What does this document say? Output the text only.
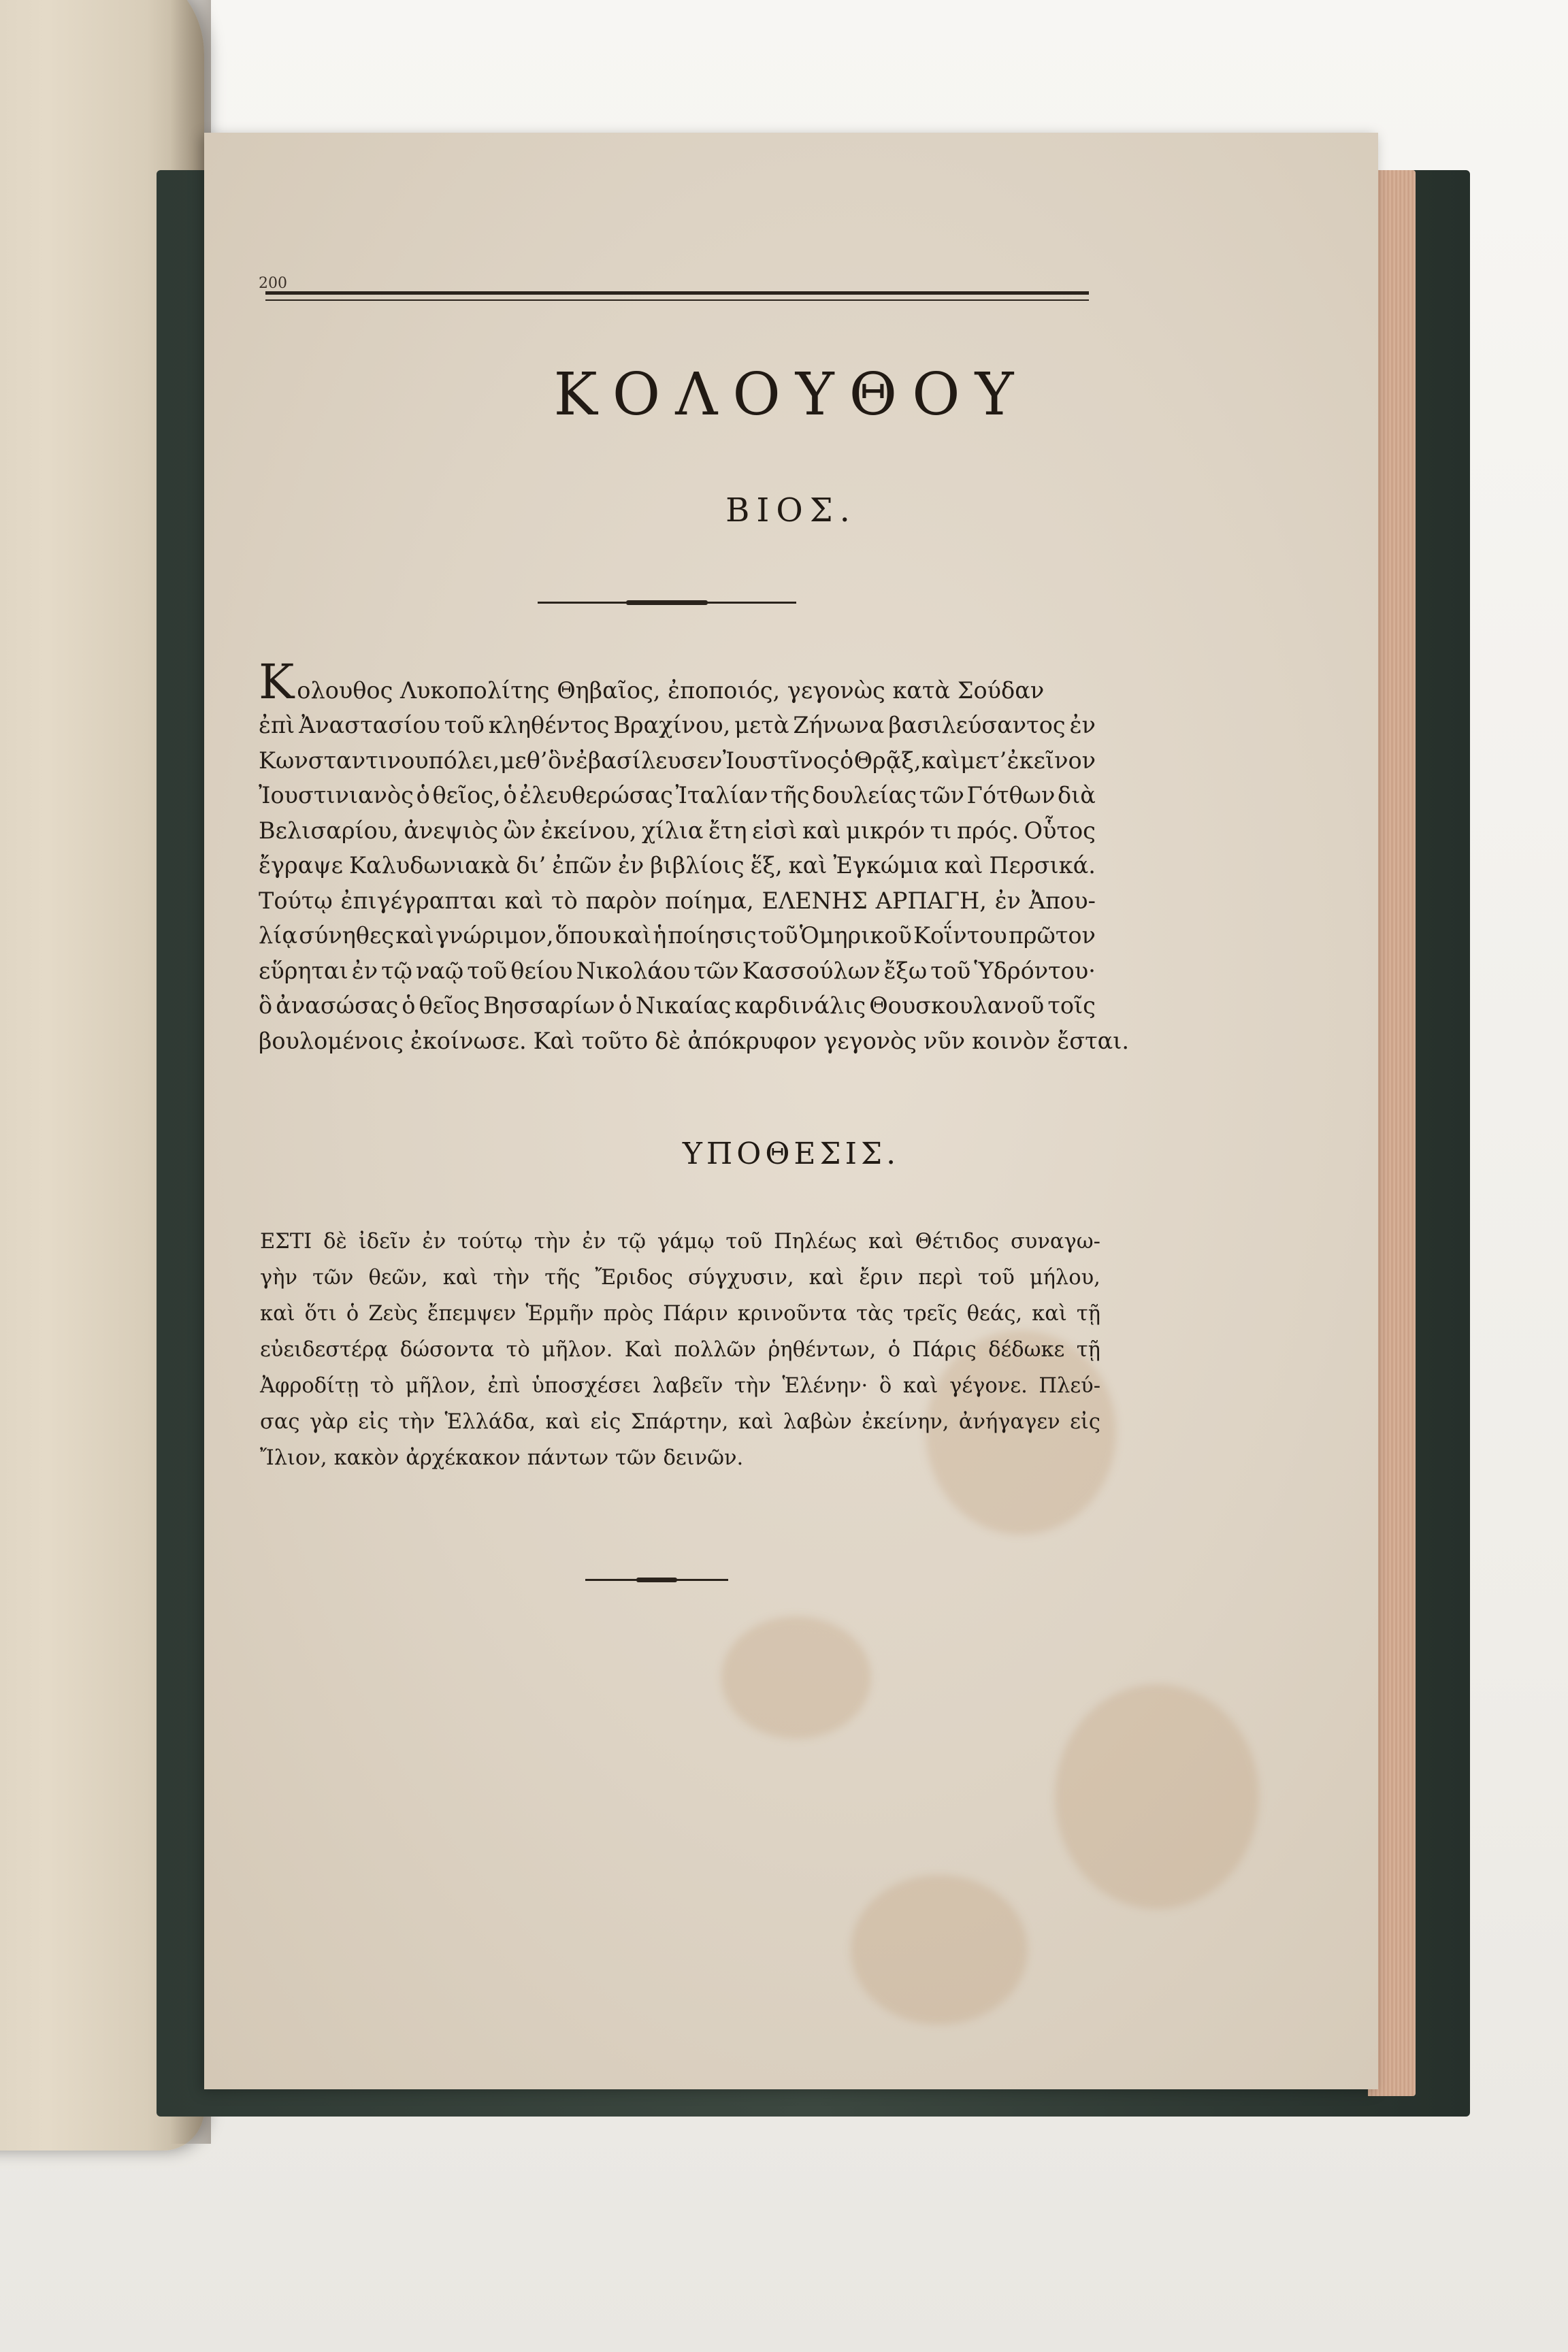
200
ΚΟΛΟΥΘΟΥ
ΒΙΟΣ.
Κολουθος Λυκοπολίτης Θηβαῖος, ἐποποιός, γεγονὼς κατὰ Σούδαν
ἐπὶ Ἀναστασίου τοῦ κληθέντος Βραχίνου, μετὰ Ζήνωνα βασιλεύσαντος ἐν
Κωνσταντινουπόλει, μεθ’ ὃν ἐβασίλευσεν Ἰουστῖνος ὁ Θρᾷξ, καὶ μετ’ ἐκεῖνον
Ἰουστινιανὸς ὁ θεῖος, ὁ ἐλευθερώσας Ἰταλίαν τῆς δουλείας τῶν Γότθων διὰ
Βελισαρίου, ἀνεψιὸς ὢν ἐκείνου, χίλια ἔτη εἰσὶ καὶ μικρόν τι πρός. Οὗτος
ἔγραψε Καλυδωνιακὰ δι’ ἐπῶν ἐν βιβλίοις ἕξ, καὶ Ἐγκώμια καὶ Περσικά.
Τούτῳ ἐπιγέγραπται καὶ τὸ παρὸν ποίημα, ΕΛΕΝΗΣ ΑΡΠΑΓΗ, ἐν Ἀπου-
λίᾳ σύνηθες καὶ γνώριμον, ὅπου καὶ ἡ ποίησις τοῦ Ὁμηρικοῦ Κοΐντου πρῶτον
εὕρηται ἐν τῷ ναῷ τοῦ θείου Νικολάου τῶν Κασσούλων ἔξω τοῦ Ὑδρόντου·
ὃ ἀνασώσας ὁ θεῖος Βησσαρίων ὁ Νικαίας καρδινάλις Θουσκουλανοῦ τοῖς
βουλομένοις ἐκοίνωσε. Καὶ τοῦτο δὲ ἀπόκρυφον γεγονὸς νῦν κοινὸν ἔσται.
ΥΠΟΘΕΣΙΣ.
ΕΣΤΙ δὲ ἰδεῖν ἐν τούτῳ τὴν ἐν τῷ γάμῳ τοῦ Πηλέως καὶ Θέτιδος συναγω-
γὴν τῶν θεῶν, καὶ τὴν τῆς Ἔριδος σύγχυσιν, καὶ ἔριν περὶ τοῦ μήλου,
καὶ ὅτι ὁ Ζεὺς ἔπεμψεν Ἑρμῆν πρὸς Πάριν κρινοῦντα τὰς τρεῖς θεάς, καὶ τῇ
εὐειδεστέρᾳ δώσοντα τὸ μῆλον. Καὶ πολλῶν ῥηθέντων, ὁ Πάρις δέδωκε τῇ
Ἀφροδίτῃ τὸ μῆλον, ἐπὶ ὑποσχέσει λαβεῖν τὴν Ἑλένην· ὃ καὶ γέγονε. Πλεύ-
σας γὰρ εἰς τὴν Ἑλλάδα, καὶ εἰς Σπάρτην, καὶ λαβὼν ἐκείνην, ἀνήγαγεν εἰς
Ἴλιον, κακὸν ἀρχέκακον πάντων τῶν δεινῶν.
